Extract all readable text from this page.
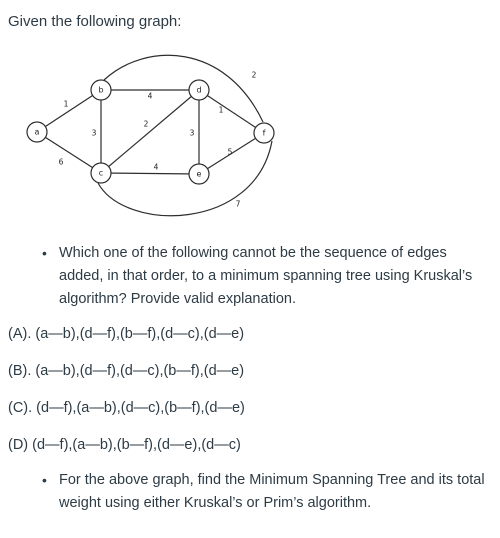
Given the following graph:
1
6
3
4
2
4
3
1
5
2
7
a
b
c
d
e
f
• Which one of the following cannot be the sequence of edges added, in that order, to a minimum spanning tree using Kruskal’s algorithm? Provide valid explanation.
(A). (a—b),(d—f),(b—f),(d—c),(d—e)
(B). (a—b),(d—f),(d—c),(b—f),(d—e)
(C). (d—f),(a—b),(d—c),(b—f),(d—e)
(D) (d—f),(a—b),(b—f),(d—e),(d—c)
• For the above graph, find the Minimum Spanning Tree and its total weight using either Kruskal’s or Prim’s algorithm.
